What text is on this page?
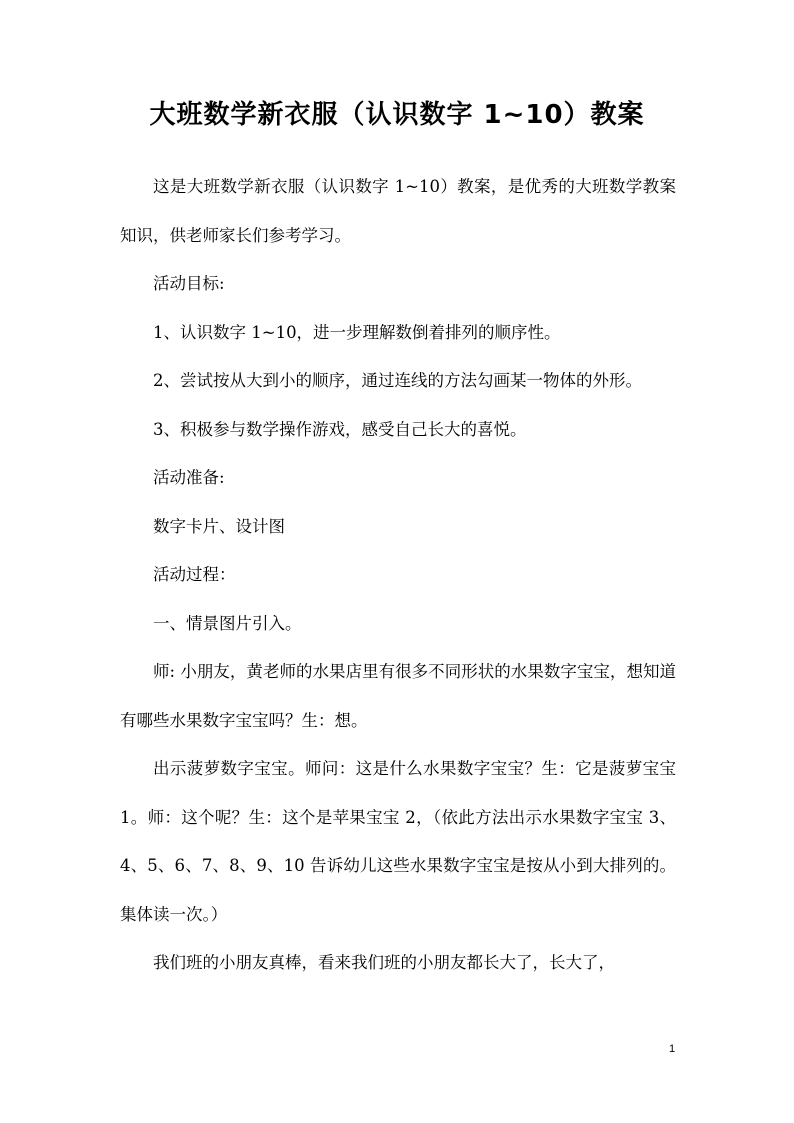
大班数学新衣服（认识数字 1~10）教案

这是大班数学新衣服（认识数字 1~10）教案，是优秀的大班数学教案知识，供老师家长们参考学习。

活动目标:

1、认识数字 1~10，进一步理解数倒着排列的顺序性。

2、尝试按从大到小的顺序，通过连线的方法勾画某一物体的外形。

3、积极参与数学操作游戏，感受自己长大的喜悦。

活动准备:

数字卡片、设计图

活动过程：

一、情景图片引入。

师: 小朋友，黄老师的水果店里有很多不同形状的水果数字宝宝，想知道有哪些水果数字宝宝吗？生：想。

出示菠萝数字宝宝。师问：这是什么水果数字宝宝？生：它是菠萝宝宝 1。师：这个呢？生：这个是苹果宝宝 2，（依此方法出示水果数字宝宝 3、4、5、6、7、8、9、10 告诉幼儿这些水果数字宝宝是按从小到大排列的。集体读一次。）

我们班的小朋友真棒，看来我们班的小朋友都长大了，长大了，

1
